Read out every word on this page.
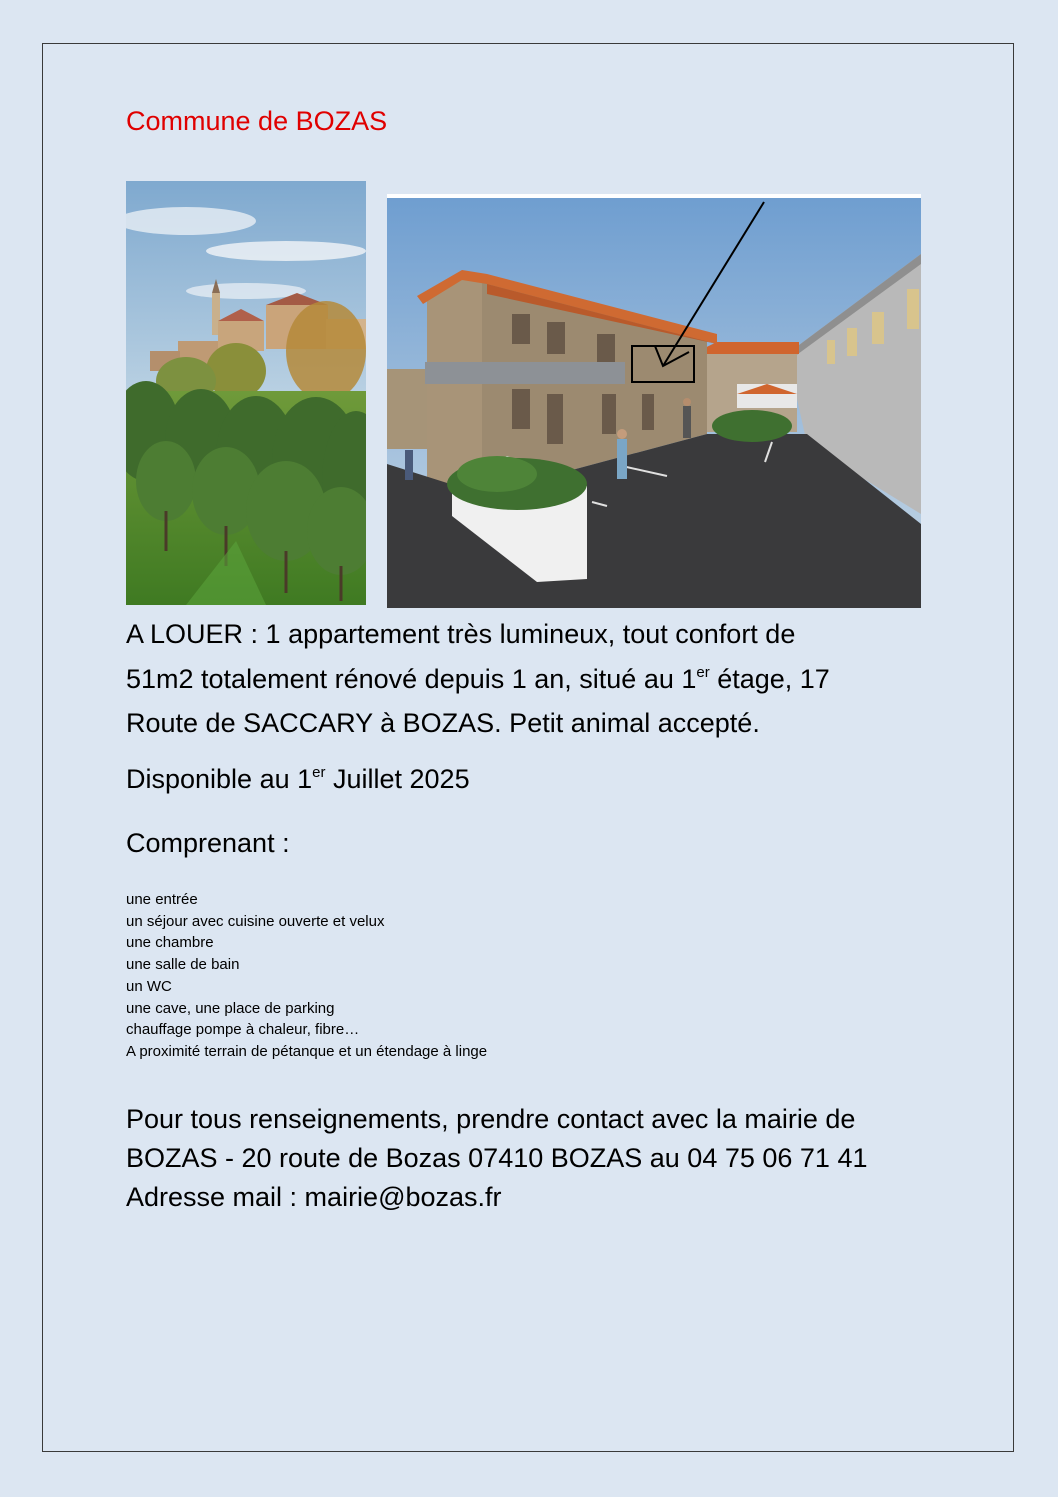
Commune de BOZAS
A LOUER : 1 appartement très lumineux, tout confort de
51m2 totalement rénové depuis 1 an, situé au 1er étage, 17
Route de SACCARY à BOZAS. Petit animal accepté.
Disponible au 1er Juillet 2025
Comprenant :
une entrée
un séjour avec cuisine ouverte et velux
une chambre
une salle de bain
un WC
une cave, une place de parking
chauffage pompe à chaleur, fibre…
A proximité terrain de pétanque et un étendage à linge
Pour tous renseignements, prendre contact avec la mairie de
BOZAS - 20 route de Bozas 07410 BOZAS au 04 75 06 71 41
Adresse mail : mairie@bozas.fr
